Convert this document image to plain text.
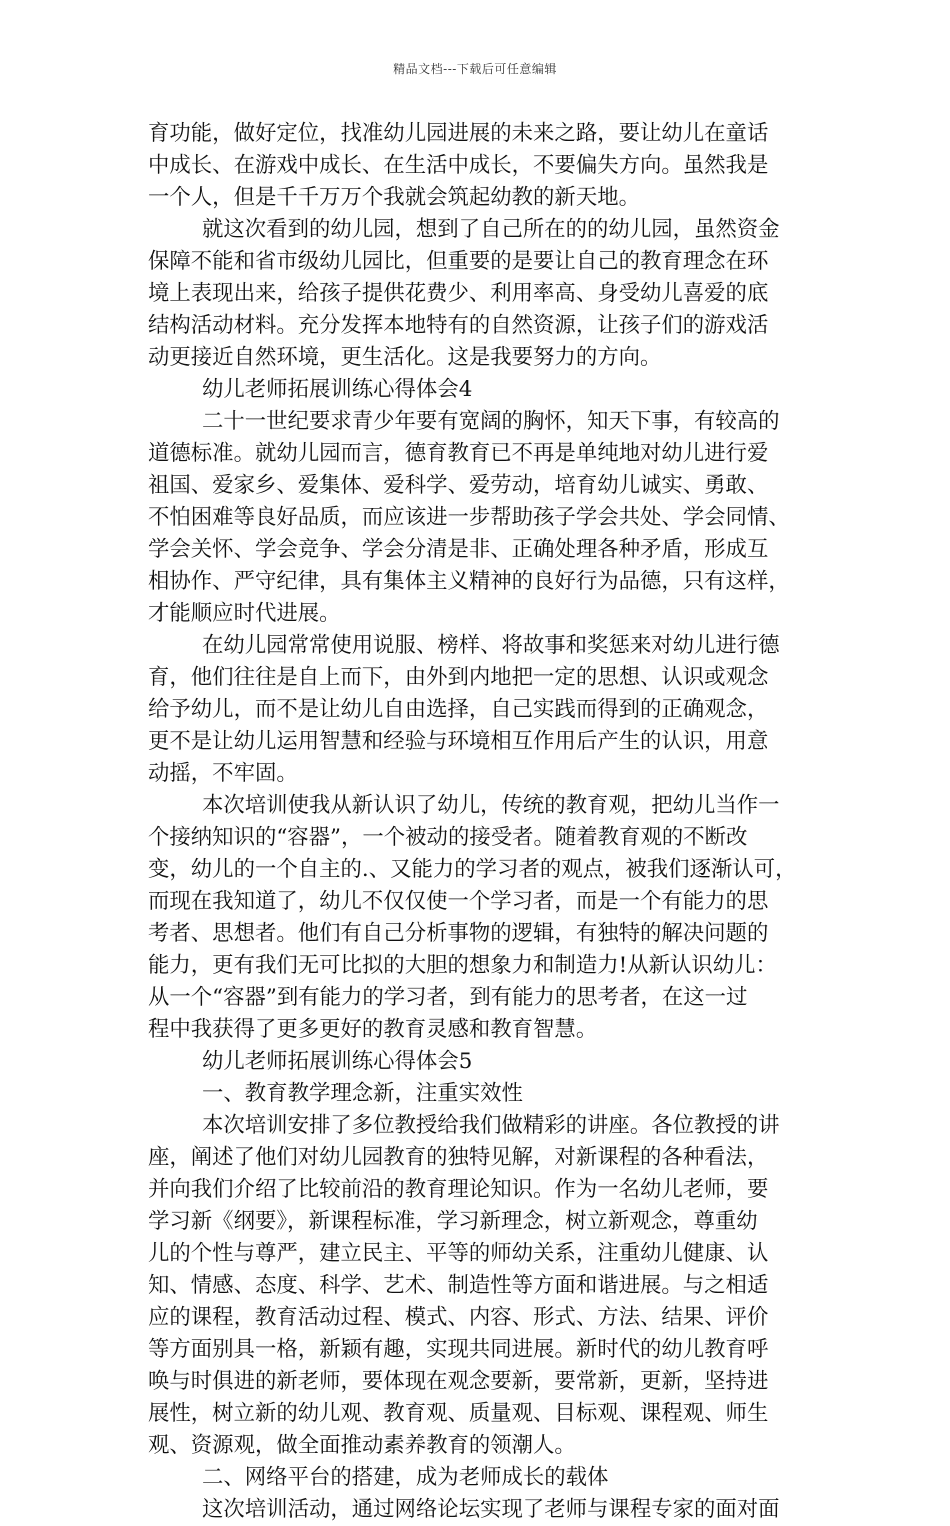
精品文档---下载后可任意编辑
育功能，做好定位，找准幼儿园进展的未来之路，要让幼儿在童话
中成长、在游戏中成长、在生活中成长，不要偏失方向。虽然我是
一个人，但是千千万万个我就会筑起幼教的新天地。
就这次看到的幼儿园，想到了自己所在的的幼儿园，虽然资金
保障不能和省市级幼儿园比，但重要的是要让自己的教育理念在环
境上表现出来，给孩子提供花费少、利用率高、身受幼儿喜爱的底
结构活动材料。充分发挥本地特有的自然资源，让孩子们的游戏活
动更接近自然环境，更生活化。这是我要努力的方向。
幼儿老师拓展训练心得体会4
二十一世纪要求青少年要有宽阔的胸怀，知天下事，有较高的
道德标准。就幼儿园而言，德育教育已不再是单纯地对幼儿进行爱
祖国、爱家乡、爱集体、爱科学、爱劳动，培育幼儿诚实、勇敢、
不怕困难等良好品质，而应该进一步帮助孩子学会共处、学会同情、
学会关怀、学会竞争、学会分清是非、正确处理各种矛盾，形成互
相协作、严守纪律，具有集体主义精神的良好行为品德，只有这样，
才能顺应时代进展。
在幼儿园常常使用说服、榜样、将故事和奖惩来对幼儿进行德
育，他们往往是自上而下，由外到内地把一定的思想、认识或观念
给予幼儿，而不是让幼儿自由选择，自己实践而得到的正确观念，
更不是让幼儿运用智慧和经验与环境相互作用后产生的认识，用意
动摇，不牢固。
本次培训使我从新认识了幼儿，传统的教育观，把幼儿当作一
个接纳知识的“容器”，一个被动的接受者。随着教育观的不断改
变，幼儿的一个自主的.、又能力的学习者的观点，被我们逐渐认可，
而现在我知道了，幼儿不仅仅使一个学习者，而是一个有能力的思
考者、思想者。他们有自己分析事物的逻辑，有独特的解决问题的
能力，更有我们无可比拟的大胆的想象力和制造力!从新认识幼儿：
从一个“容器”到有能力的学习者，到有能力的思考者，在这一过
程中我获得了更多更好的教育灵感和教育智慧。
幼儿老师拓展训练心得体会5
一、教育教学理念新，注重实效性
本次培训安排了多位教授给我们做精彩的讲座。各位教授的讲
座，阐述了他们对幼儿园教育的独特见解，对新课程的各种看法，
并向我们介绍了比较前沿的教育理论知识。作为一名幼儿老师，要
学习新《纲要》，新课程标准，学习新理念，树立新观念，尊重幼
儿的个性与尊严，建立民主、平等的师幼关系，注重幼儿健康、认
知、情感、态度、科学、艺术、制造性等方面和谐进展。与之相适
应的课程，教育活动过程、模式、内容、形式、方法、结果、评价
等方面别具一格，新颖有趣，实现共同进展。新时代的幼儿教育呼
唤与时俱进的新老师，要体现在观念要新，要常新，更新，坚持进
展性，树立新的幼儿观、教育观、质量观、目标观、课程观、师生
观、资源观，做全面推动素养教育的领潮人。
二、网络平台的搭建，成为老师成长的载体
这次培训活动，通过网络论坛实现了老师与课程专家的面对面
